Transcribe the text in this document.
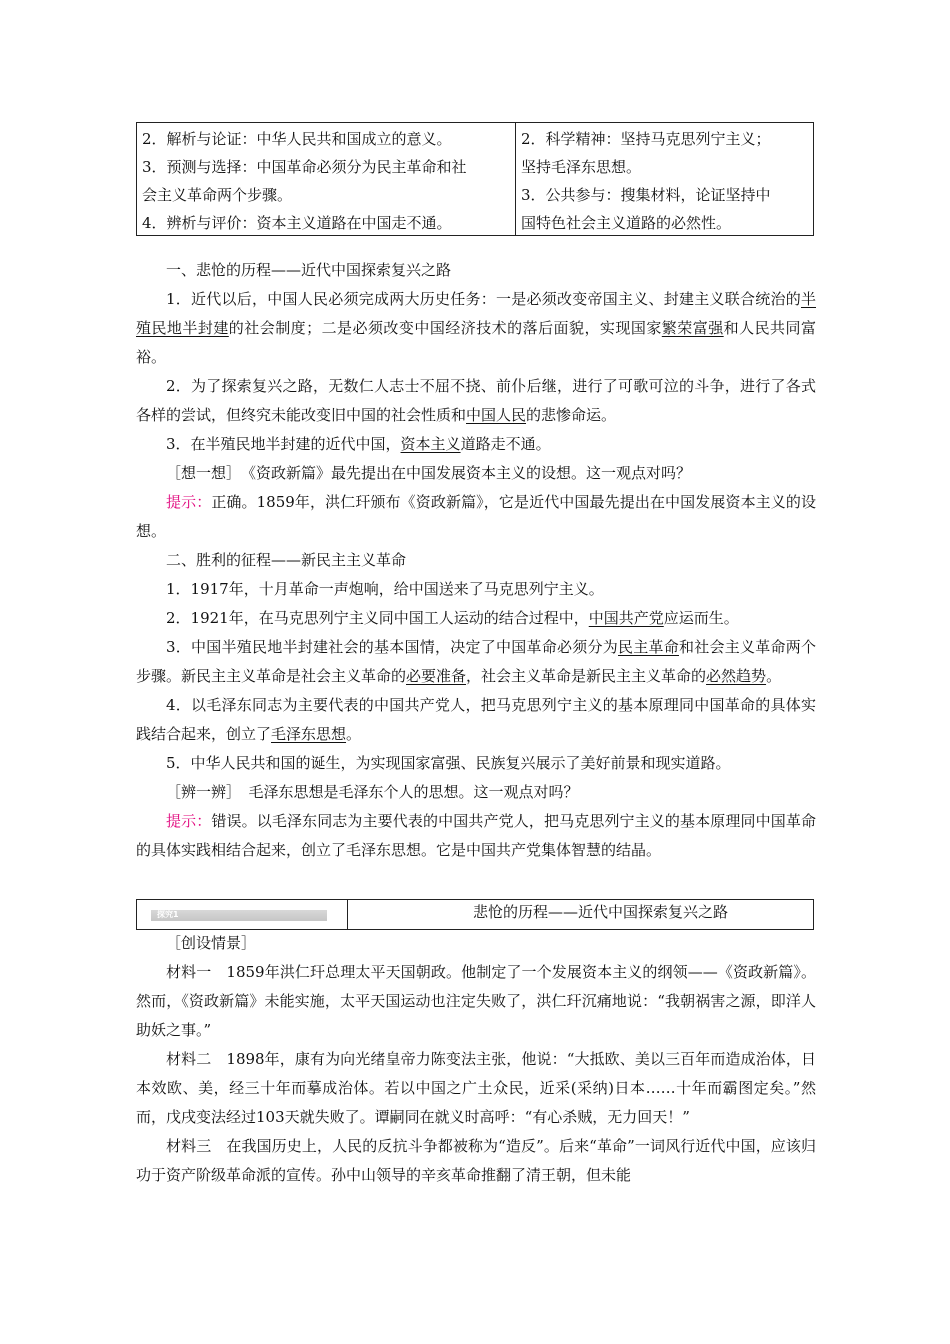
2．解析与论证：中华人民共和国成立的意义。
3．预测与选择：中国革命必须分为民主革命和社
会主义革命两个步骤。
4．辨析与评价：资本主义道路在中国走不通。
2．科学精神：坚持马克思列宁主义；
坚持毛泽东思想。
3．公共参与：搜集材料，论证坚持中
国特色社会主义道路的必然性。

一、悲怆的历程——近代中国探索复兴之路

1．近代以后，中国人民必须完成两大历史任务：一是必须改变帝国主义、封建主义联合统治的半殖民地半封建的社会制度；二是必须改变中国经济技术的落后面貌，实现国家繁荣富强和人民共同富裕。

2．为了探索复兴之路，无数仁人志士不屈不挠、前仆后继，进行了可歌可泣的斗争，进行了各式各样的尝试，但终究未能改变旧中国的社会性质和中国人民的悲惨命运。

3．在半殖民地半封建的近代中国，资本主义道路走不通。

［想一想］　《资政新篇》最先提出在中国发展资本主义的设想。这一观点对吗？

提示：正确。1859年，洪仁玕颁布《资政新篇》，它是近代中国最先提出在中国发展资本主义的设想。

二、胜利的征程——新民主主义革命

1．1917年，十月革命一声炮响，给中国送来了马克思列宁主义。

2．1921年，在马克思列宁主义同中国工人运动的结合过程中，中国共产党应运而生。

3．中国半殖民地半封建社会的基本国情，决定了中国革命必须分为民主革命和社会主义革命两个步骤。新民主主义革命是社会主义革命的必要准备，社会主义革命是新民主主义革命的必然趋势。

4．以毛泽东同志为主要代表的中国共产党人，把马克思列宁主义的基本原理同中国革命的具体实践结合起来，创立了毛泽东思想。

5．中华人民共和国的诞生，为实现国家富强、民族复兴展示了美好前景和现实道路。

［辨一辨］　毛泽东思想是毛泽东个人的思想。这一观点对吗？

提示：错误。以毛泽东同志为主要代表的中国共产党人，把马克思列宁主义的基本原理同中国革命的具体实践相结合起来，创立了毛泽东思想。它是中国共产党集体智慧的结晶。

探究1	悲怆的历程——近代中国探索复兴之路

［创设情景］

材料一　1859年洪仁玕总理太平天国朝政。他制定了一个发展资本主义的纲领——《资政新篇》。然而，《资政新篇》未能实施，太平天国运动也注定失败了，洪仁玕沉痛地说：“我朝祸害之源，即洋人助妖之事。”

材料二　1898年，康有为向光绪皇帝力陈变法主张，他说：“大抵欧、美以三百年而造成治体，日本效欧、美，经三十年而摹成治体。若以中国之广土众民，近采(采纳)日本……十年而霸图定矣。”然而，戊戌变法经过103天就失败了。谭嗣同在就义时高呼：“有心杀贼，无力回天！”

材料三　在我国历史上，人民的反抗斗争都被称为“造反”。后来“革命”一词风行近代中国，应该归功于资产阶级革命派的宣传。孙中山领导的辛亥革命推翻了清王朝，但未能
